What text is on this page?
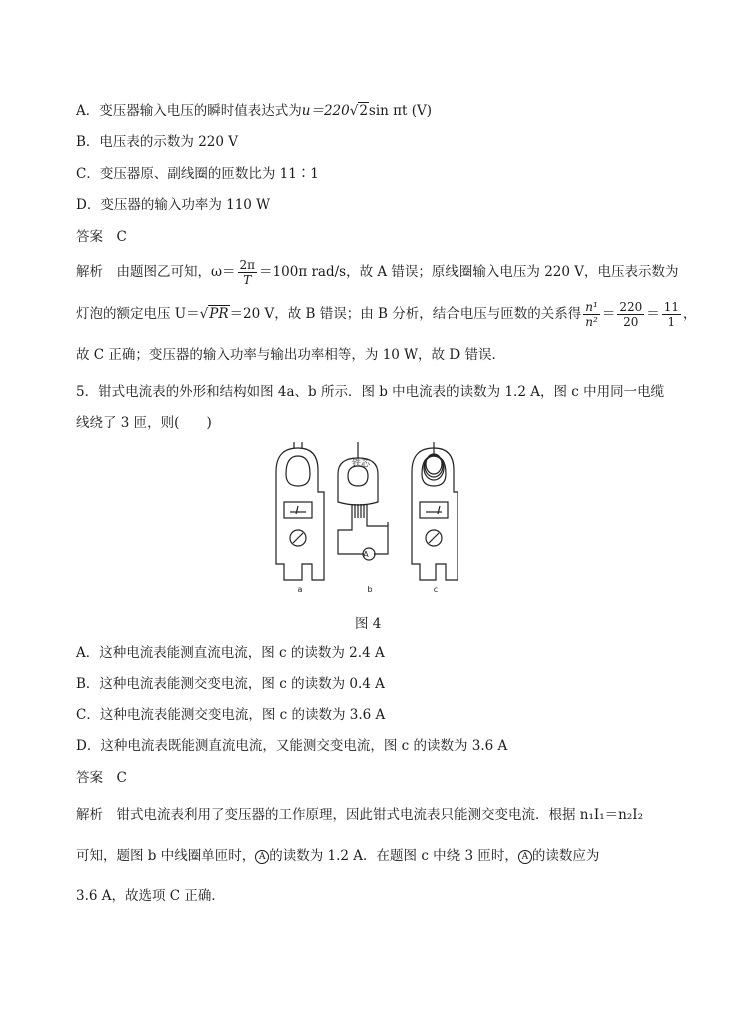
A．变压器输入电压的瞬时值表达式为u＝220√2sin πt (V)
B．电压表的示数为 220 V
C．变压器原、副线圈的匝数比为 11∶1
D．变压器的输入功率为 110 W
答案　C
解析　由题图乙可知，$\omega= \frac{2\pi}{T} =100\pi$ rad/s，故 A 错误；原线圈输入电压为 220 V，电压表示数为
灯泡的额定电压 U＝√PR＝20 V，故 B 错误；由 B 分析，结合电压与匝数的关系得 $\frac{\text{n¹}}{\text{n²}} = \frac{220}{20} = \frac{11}{1}$ ，
故 C 正确；变压器的输入功率与输出功率相等，为 10 W，故 D 错误．
5．钳式电流表的外形和结构如图 4a、b 所示．图 b 中电流表的读数为 1.2 A，图 c 中用同一电缆
线绕了 3 匝，则(　　)
铁芯
A
a	b	c
图 4
A．这种电流表能测直流电流，图 c 的读数为 2.4 A
B．这种电流表能测交变电流，图 c 的读数为 0.4 A
C．这种电流表能测交变电流，图 c 的读数为 3.6 A
D．这种电流表既能测直流电流，又能测交变电流，图 c 的读数为 3.6 A
答案　C
解析　钳式电流表利用了变压器的工作原理，因此钳式电流表只能测交变电流．根据 n₁I₁＝n₂I₂
可知，题图 b 中线圈单匝时， A 的读数为 1.2 A．在题图 c 中绕 3 匝时， A 的读数应为
3.6 A，故选项 C 正确．
